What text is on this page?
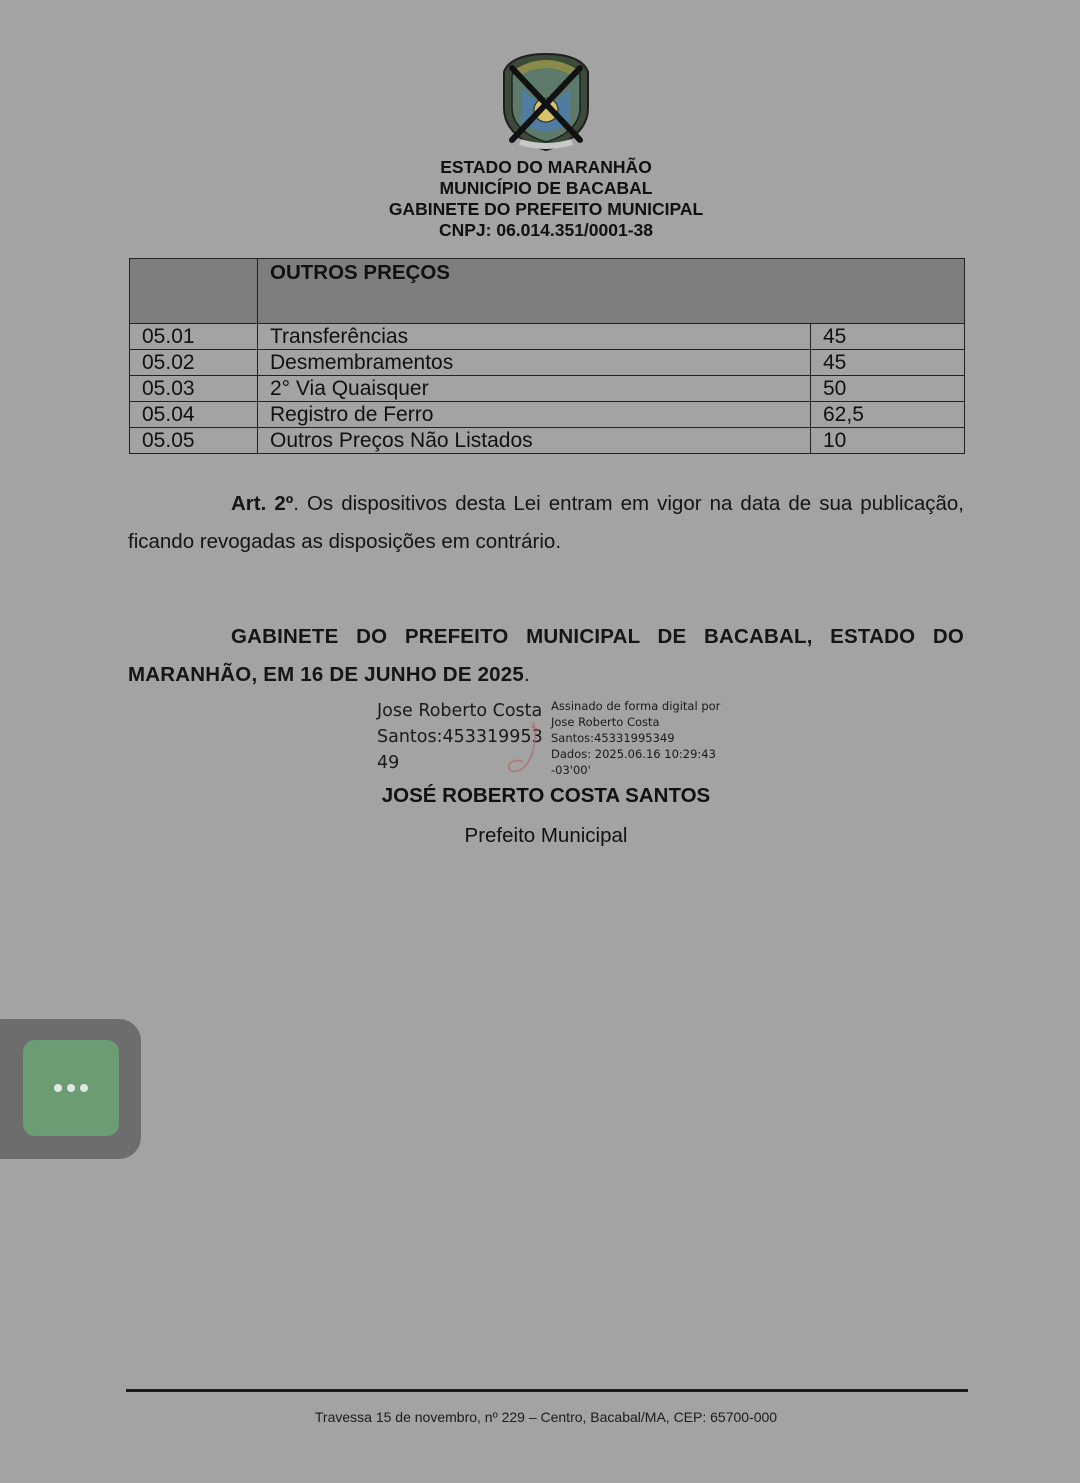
ESTADO DO MARANHÃO
MUNICÍPIO DE BACABAL
GABINETE DO PREFEITO MUNICIPAL
CNPJ: 06.014.351/0001-38
	OUTROS PREÇOS	
05.01	Transferências	45
05.02	Desmembramentos	45
05.03	2° Via Quaisquer	50
05.04	Registro de Ferro	62,5
05.05	Outros Preços Não Listados	10
Art. 2º. Os dispositivos desta Lei entram em vigor na data de sua publicação, ficando revogadas as disposições em contrário.
GABINETE DO PREFEITO MUNICIPAL DE BACABAL, ESTADO DO MARANHÃO, EM 16 DE JUNHO DE 2025.
Jose Roberto Costa
Santos:453319953
49
Assinado de forma digital por
Jose Roberto Costa
Santos:45331995349
Dados: 2025.06.16 10:29:43
-03'00'
JOSÉ ROBERTO COSTA SANTOS
Prefeito Municipal
Travessa 15 de novembro, nº 229 – Centro, Bacabal/MA, CEP: 65700-000
